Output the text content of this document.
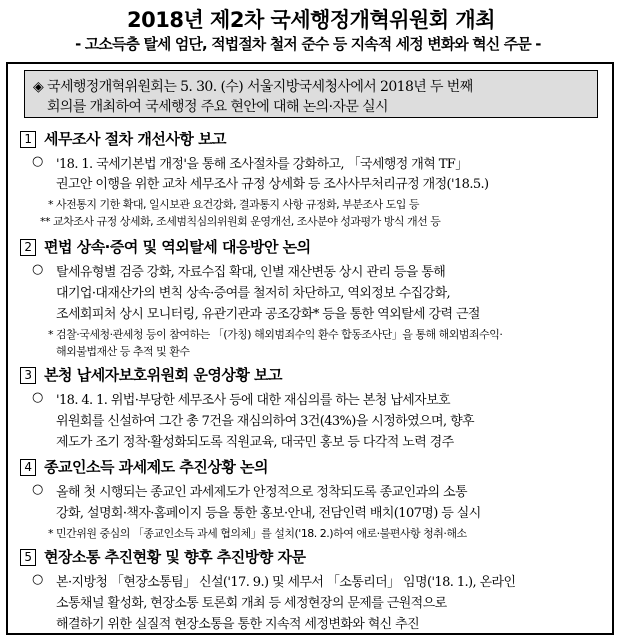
2018년 제2차 국세행정개혁위원회 개최
- 고소득층 탈세 엄단, 적법절차 철저 준수 등 지속적 세정 변화와 혁신 주문 -
◈ 국세행정개혁위원회는 5. 30. (수) 서울지방국세청사에서 2018년 두 번째
회의를 개최하여 국세행정 주요 현안에 대해 논의·자문 실시
1 세무조사 절차 개선사항 보고
○ '18. 1. 국세기본법 개정'을 통해 조사절차를 강화하고, 「국세행정 개혁 TF」
권고안 이행을 위한 교차 세무조사 규정 상세화 등 조사사무처리규정 개정('18.5.)
* 사전통지 기한 확대, 일시보관 요건강화, 결과통지 사항 규정화, 부분조사 도입 등
** 교차조사 규정 상세화, 조세범칙심의위원회 운영개선, 조사분야 성과평가 방식 개선 등
2 편법 상속·증여 및 역외탈세 대응방안 논의
○ 탈세유형별 검증 강화, 자료수집 확대, 인별 재산변동 상시 관리 등을 통해
대기업·대재산가의 변칙 상속·증여를 철저히 차단하고, 역외정보 수집강화,
조세회피처 상시 모니터링, 유관기관과 공조강화* 등을 통한 역외탈세 강력 근절
* 검찰·국세청·관세청 등이 참여하는 「(가칭) 해외범죄수익 환수 합동조사단」을 통해 해외범죄수익·
해외불법재산 등 추적 및 환수
3 본청 납세자보호위원회 운영상황 보고
○ '18. 4. 1. 위법·부당한 세무조사 등에 대한 재심의를 하는 본청 납세자보호
위원회를 신설하여 그간 총 7건을 재심의하여 3건(43%)을 시정하였으며, 향후
제도가 조기 정착·활성화되도록 직원교육, 대국민 홍보 등 다각적 노력 경주
4 종교인소득 과세제도 추진상황 논의
○ 올해 첫 시행되는 종교인 과세제도가 안정적으로 정착되도록 종교인과의 소통
강화, 설명회·책자·홈페이지 등을 통한 홍보·안내, 전담인력 배치(107명) 등 실시
* 민간위원 중심의 「종교인소득 과세 협의체」를 설치('18. 2.)하여 애로·불편사항 청취·해소
5 현장소통 추진현황 및 향후 추진방향 자문
○ 본·지방청 「현장소통팀」 신설('17. 9.) 및 세무서 「소통리더」 임명('18. 1.), 온라인
소통채널 활성화, 현장소통 토론회 개최 등 세정현장의 문제를 근원적으로
해결하기 위한 실질적 현장소통을 통한 지속적 세정변화와 혁신 추진
